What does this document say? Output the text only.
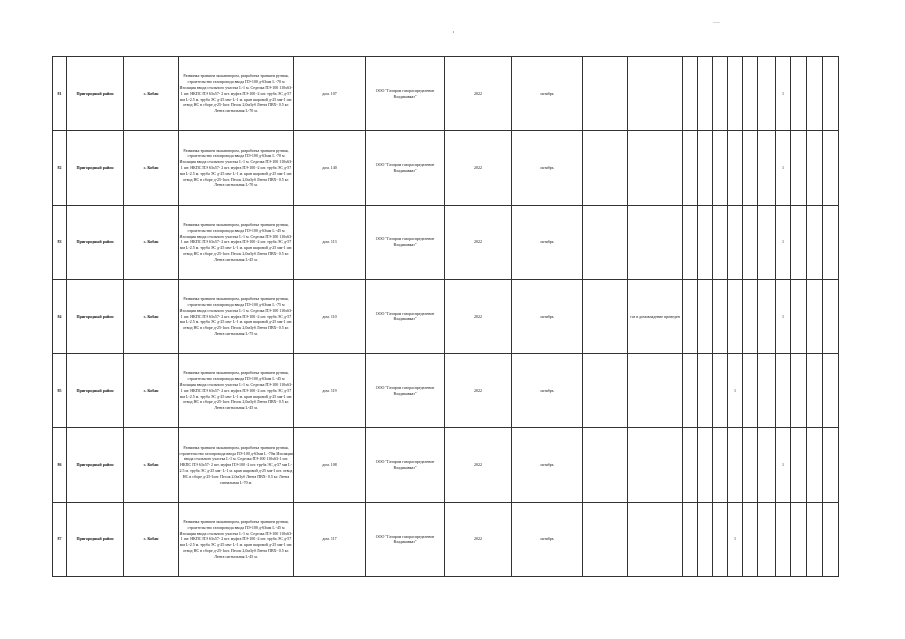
—
·
81	Пригородный район	с. Кобан	Разминка траншеи экскаватором, разработка траншеи ручная, строительство газопровода ввода ПЭ-100 д-63мм L -70 м Изоляция ввода стального участка L-1 м. Седелка ПЭ-100 110x63-1 шт. НКПС ПЭ 63x57- 2 шт. муфта ПЭ-100 -2 шт. труба ЭС д-57 мм L-2.5 м. труба ЭС д-25 мм- L-1 м. кран шаровой д-25 мм-1 шт. отвод НС в сборе д-25-1шт. Песок 2,0м3уб Лента ПВХ- 0.5 кг. Лента сигнальная L-70 м.	дом. 107	ООО "Газпром газораспределение Владикавказ"	2022	октябрь									1			
82	Пригородный район	с. Кобан	Разминка траншеи экскаватором, разработка траншеи ручная, строительство газопровода ввода ПЭ-100 д-63мм L -70 м Изоляция ввода стального участка L-1 м. Седелка ПЭ-100 110x63-1 шт. НКПС ПЭ 63x57- 2 шт. муфта ПЭ-100 -2 шт. труба ЭС д-57 мм L-2.5 м. труба ЭС д-25 мм- L-1 м. кран шаровой д-25 мм-1 шт. отвод НС в сборе д-25-1шт. Песок 2,0м3уб Лента ПВХ- 0.5 кг. Лента сигнальная L-70 м.	дом. 140	ООО "Газпром газораспределение Владикавказ"	2022	октябрь									1			
83	Пригородный район	с. Кобан	Разминка траншеи экскаватором, разработка траншеи ручная, строительство газопровода ввода ПЭ-100 д-63мм L -45 м Изоляция ввода стального участка L-1 м. Седелка ПЭ-100 110x63-1 шт. НКПС ПЭ 63x57- 2 шт. муфта ПЭ-100 -2 шт. труба ЭС д-57 мм L-2.5 м. труба ЭС д-25 мм- L-1 м. кран шаровой д-25 мм-1 шт. отвод НС в сборе д-25-1шт. Песок 2,0м3уб Лента ПВХ- 0.5 кг. Лента сигнальная L-45 м.	дом. 113	ООО "Газпром газораспределение Владикавказ"	2022	октябрь									1			
84	Пригородный район	с. Кобан	Разминка траншеи экскаватором, разработка траншеи ручная, строительство газопровода ввода ПЭ-100 д-63мм L -75 м Изоляция ввода стального участка L-1 м. Седелка ПЭ-100 110x63-1 шт. НКПС ПЭ 63x57- 2 шт. муфта ПЭ-100 -2 шт. труба ЭС д-57 мм L-2.5 м. труба ЭС д-25 мм- L-1 м. кран шаровой д-25 мм-1 шт. отвод НС в сборе д-25-1шт. Песок 2,0м3уб Лента ПВХ- 0.5 кг. Лента сигнальная L-75 м.	дом. 110	ООО "Газпром газораспределение Владикавказ"	2022	октябрь		газ в домовладение проведен							1			
85	Пригородный район	с. Кобан	Разминка траншеи экскаватором, разработка траншеи ручная, строительство газопровода ввода ПЭ-100 д-63мм L -45 м Изоляция ввода стального участка L-1 м. Седелка ПЭ-100 110x63-1 шт. НКПС ПЭ 63x57- 2 шт. муфта ПЭ-100 -2 шт. труба ЭС д-57 мм L-2.5 м. труба ЭС д-25 мм- L-1 м. кран шаровой д-25 мм-1 шт. отвод НС в сборе д-25-1шт. Песок 2,0м3уб Лента ПВХ- 0.5 кг. Лента сигнальная L-45 м.	дом. 119	ООО "Газпром газораспределение Владикавказ"	2022	октябрь						1						
86	Пригородный район	с. Кобан	Разминка траншеи экскаватором, разработка траншеи ручная, строительство газопровода ввода ПЭ-100 д-63мм L -70м Изоляция ввода стального участка L-1 м. Седелка ПЭ-100 110x63-1 шт. НКПС ПЭ 63x57- 2 шт. муфта ПЭ-100 -2 шт. труба ЭС д-57 мм L-2.5 м. труба ЭС д-25 мм- L-1 м. кран шаровой д-25 мм-1 шт. отвод НС в сборе д-25-1шт. Песок 2,0м3уб Лента ПВХ- 0.5 кг. Лента сигнальная L-70 м.	дом. 108	ООО "Газпром газораспределение Владикавказ"	2022	октябрь									1			
87	Пригородный район	с. Кобан	Разминка траншеи экскаватором, разработка траншеи ручная, строительство газопровода ввода ПЭ-100 д-63мм L -45 м Изоляция ввода стального участка L-1 м. Седелка ПЭ-100 110x63-1 шт. НКПС ПЭ 63x57- 2 шт. муфта ПЭ-100 -2 шт. труба ЭС д-57 мм L-2.5 м. труба ЭС д-25 мм- L-1 м. кран шаровой д-25 мм-1 шт. отвод НС в сборе д-25-1шт. Песок 2,0м3уб Лента ПВХ- 0.5 кг. Лента сигнальная L-45 м.	дом. 117	ООО "Газпром газораспределение Владикавказ"	2022	октябрь						1						
